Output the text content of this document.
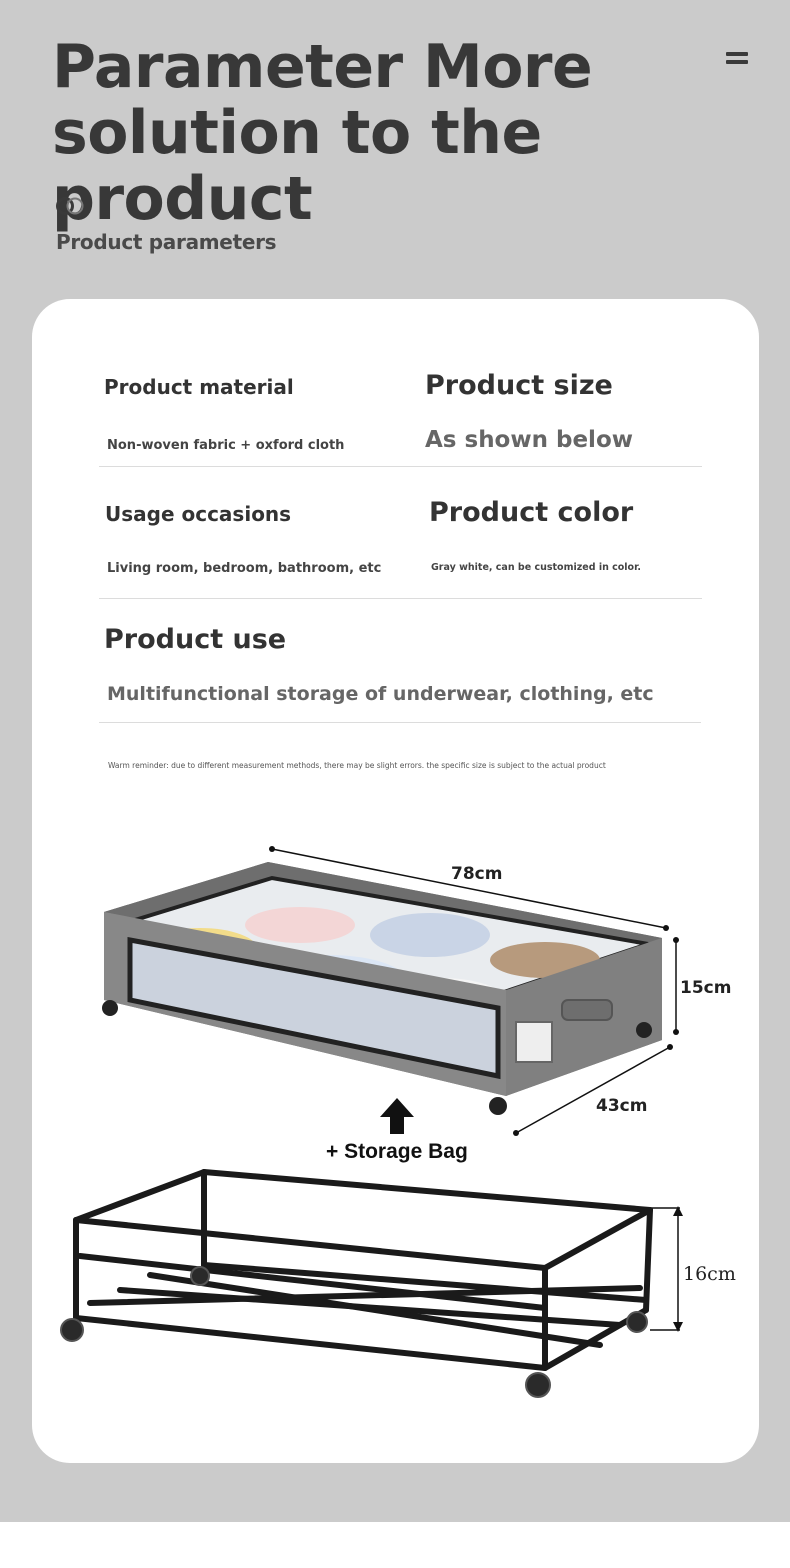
Parameter More
solution to the product
Product parameters
Product material
Non-woven fabric + oxford cloth
Product size
As shown below
Usage occasions
Living room, bedroom, bathroom, etc
Product color
Gray white, can be customized in color.
Product use
Multifunctional storage of underwear, clothing, etc
Warm reminder: due to different measurement methods, there may be slight errors. the specific size is subject to the actual product
78cm
15cm
43cm
+ Storage Bag
16cm
